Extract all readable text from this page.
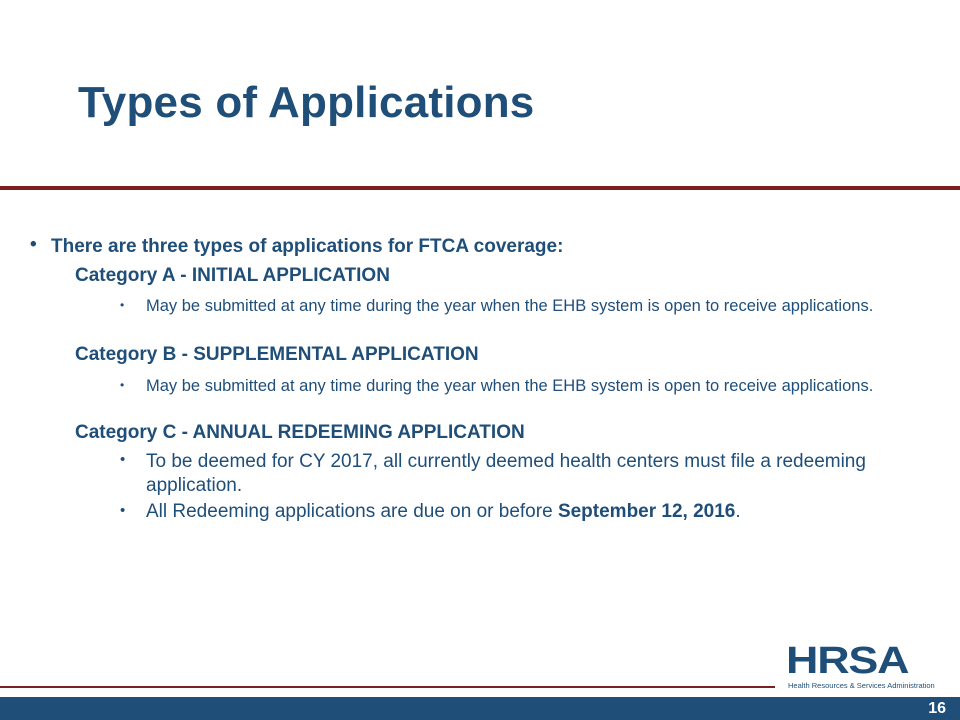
Types of Applications
• There are three types of applications for FTCA coverage:
Category A - INITIAL APPLICATION
• May be submitted at any time during the year when the EHB system is open to receive applications.
Category B - SUPPLEMENTAL APPLICATION
• May be submitted at any time during the year when the EHB system is open to receive applications.
Category C - ANNUAL REDEEMING APPLICATION
• To be deemed for CY 2017, all currently deemed health centers must file a redeeming application.
• All Redeeming applications are due on or before September 12, 2016.
HRSA
Health Resources & Services Administration
16
